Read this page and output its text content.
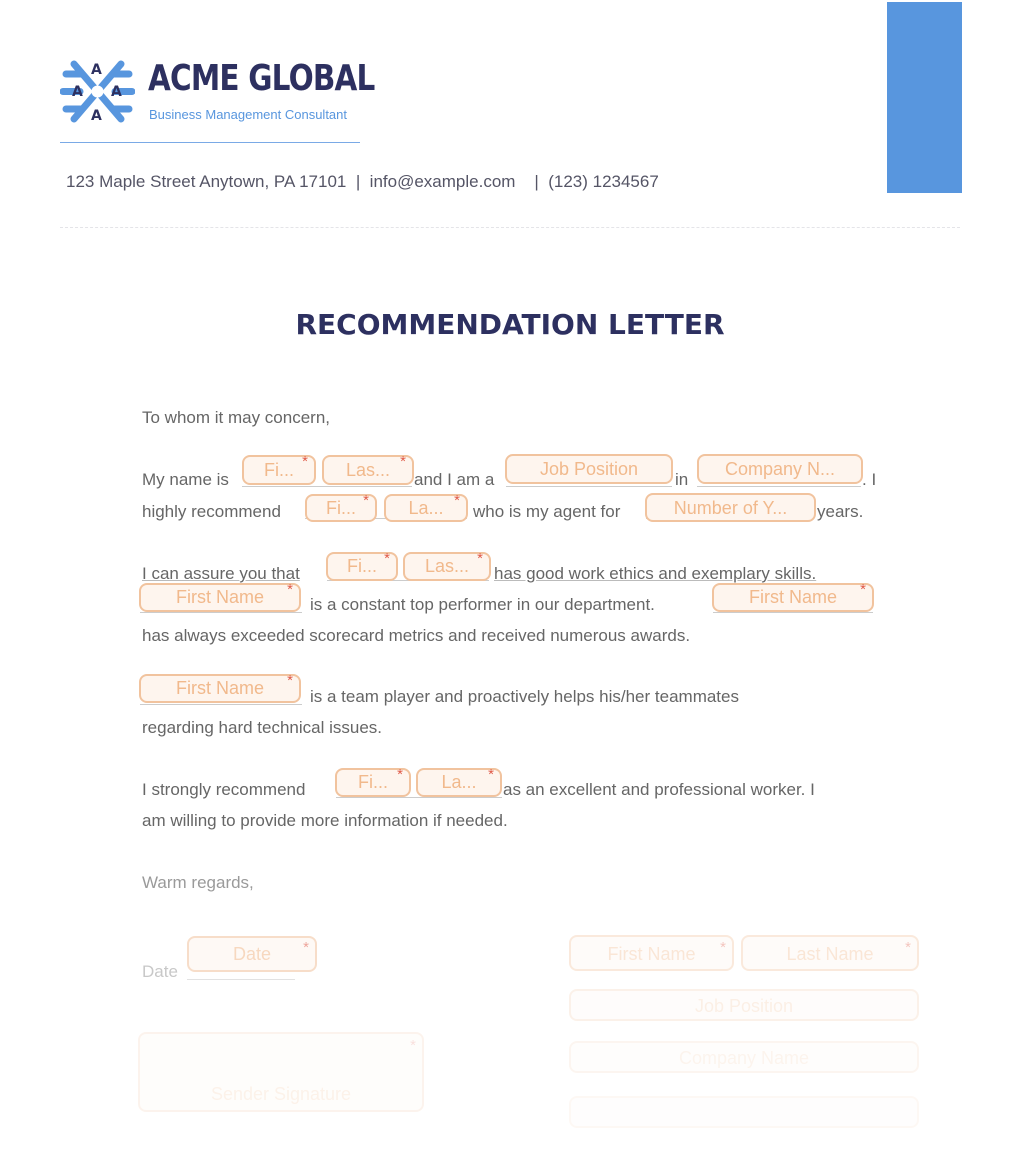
A
A
A A ACME GLOBAL
Business Management Consultant
123 Maple Street Anytown, PA 17101  |  info@example.com    |  (123) 1234567
RECOMMENDATION LETTER
To whom it may concern,
My name is	Fi... *	Las... *
and I am a
Job Position
in
Company N...
. I
highly recommend	Fi... *	La... *
who is my agent for	Number of Y...	years.
I can assure you that	Fi... *	Las... *
has good work ethics and exemplary skills.
First Name *
is a constant top performer in our department.	First Name *
has always exceeded scorecard metrics and received numerous awards.
First Name *
is a team player and proactively helps his/her teammates
regarding hard technical issues.
I strongly recommend	Fi... *	La... *
as an excellent and professional worker. I
am willing to provide more information if needed.
Warm regards,
Date
Date *	First Name *	Last Name *
Job Position
Company Name
Sender Signature
*
